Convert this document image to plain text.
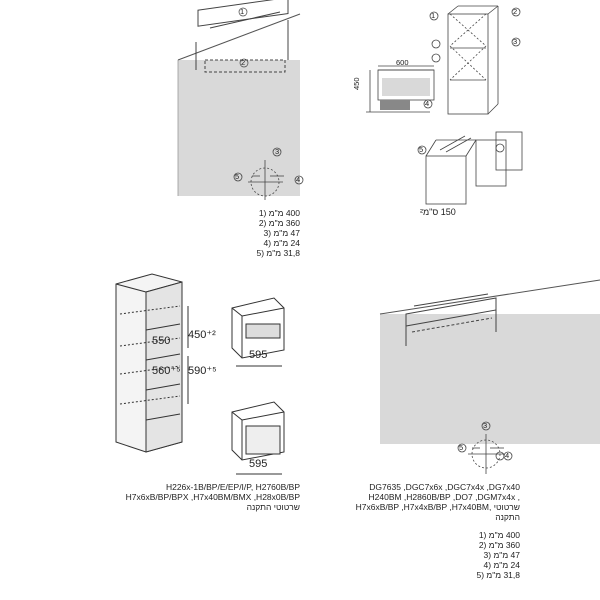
1
2
3
5	4
400 מ"מ (1
360 מ"מ (2
47 מ"מ (3
24 מ"מ (4
31,8 מ"מ (5
600
450
1	2
3
4
5
150 ס"מ²
550 450⁺²
560⁺⁵ 590⁺⁵
595
595
H226x-1B/BP/E/EP/I/P, H2760B/BP
H7x6xB/BP/BPX ,H7x40BM/BMX ,H28x0B/BP
שרטוטי התקנה
3
5
4
DG7635 ,DGC7x6x ,DGC7x4x ,DG7x40
H240BM ,H2860B/BP ,DO7 ,DGM7x4x ,
שרטוטי ,H7x6xB/BP ,H7x4xB/BP ,H7x40BM
התקנה
400 מ"מ (1
360 מ"מ (2
47 מ"מ (3
24 מ"מ (4
31,8 מ"מ (5
